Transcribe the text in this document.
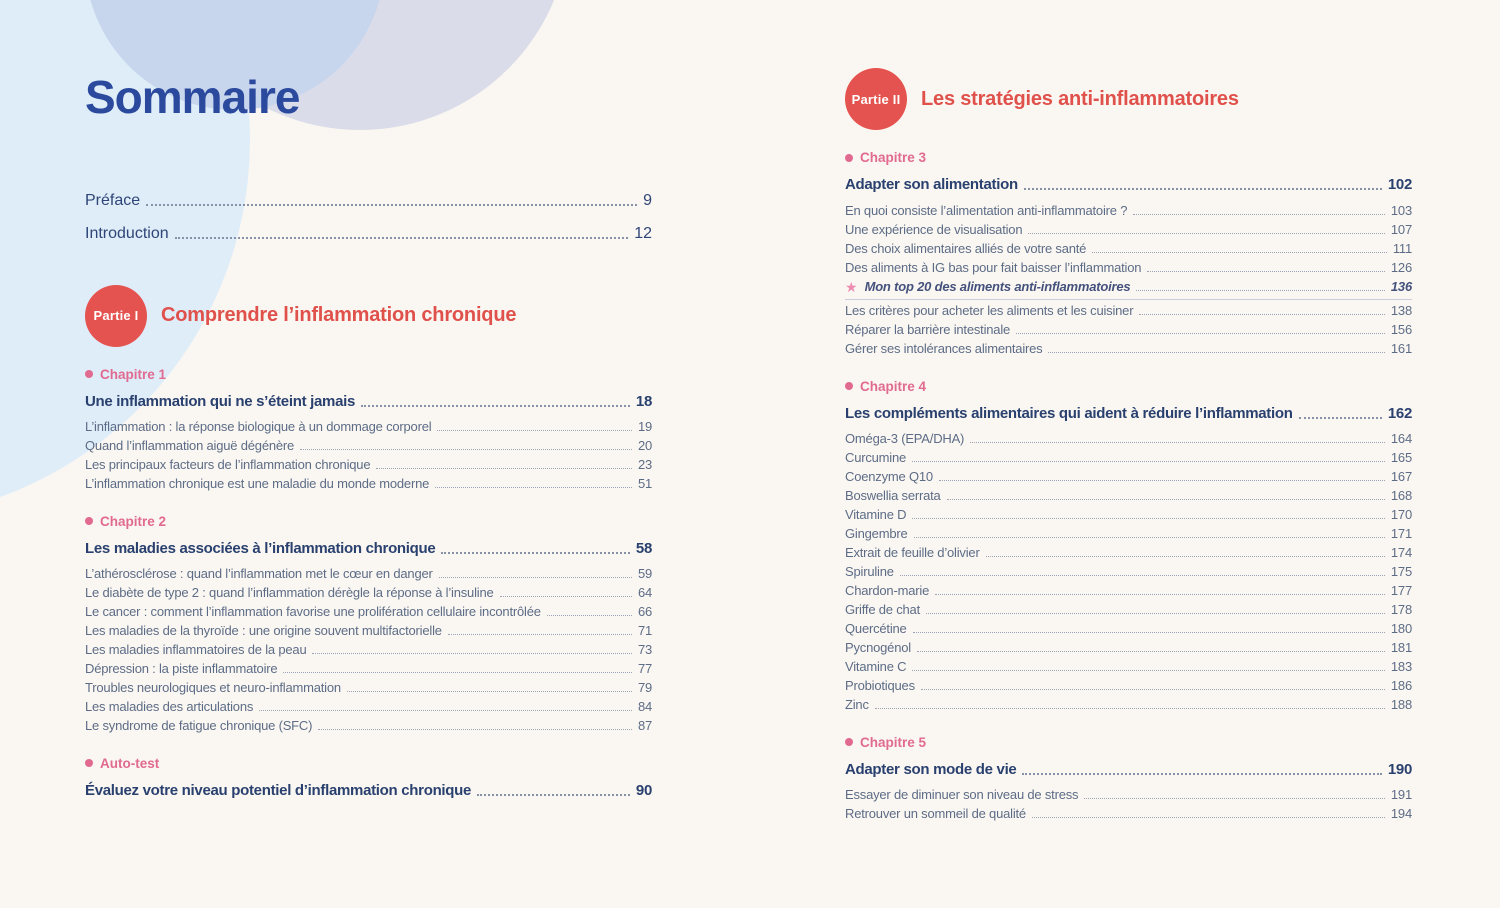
Sommaire
Préface	9
Introduction	12
Partie I	Comprendre l’inflammation chronique
Chapitre 1
Une inflammation qui ne s’éteint jamais	18
L’inflammation : la réponse biologique à un dommage corporel	19
Quand l’inflammation aiguë dégénère	20
Les principaux facteurs de l’inflammation chronique	23
L’inflammation chronique est une maladie du monde moderne	51
Chapitre 2
Les maladies associées à l’inflammation chronique	58
L’athérosclérose : quand l’inflammation met le cœur en danger	59
Le diabète de type 2 : quand l’inflammation dérègle la réponse à l’insuline	64
Le cancer : comment l’inflammation favorise une prolifération cellulaire incontrôlée	66
Les maladies de la thyroïde : une origine souvent multifactorielle	71
Les maladies inflammatoires de la peau	73
Dépression : la piste inflammatoire	77
Troubles neurologiques et neuro-inflammation	79
Les maladies des articulations	84
Le syndrome de fatigue chronique (SFC)	87
Auto-test
Évaluez votre niveau potentiel d’inflammation chronique	90
Partie II	Les stratégies anti-inflammatoires
Chapitre 3
Adapter son alimentation	102
En quoi consiste l’alimentation anti-inflammatoire ?	103
Une expérience de visualisation	107
Des choix alimentaires alliés de votre santé	111
Des aliments à IG bas pour fait baisser l’inflammation	126
★ Mon top 20 des aliments anti-inflammatoires	136
Les critères pour acheter les aliments et les cuisiner	138
Réparer la barrière intestinale	156
Gérer ses intolérances alimentaires	161
Chapitre 4
Les compléments alimentaires qui aident à réduire l’inflammation	162
Oméga-3 (EPA/DHA)	164
Curcumine	165
Coenzyme Q10	167
Boswellia serrata	168
Vitamine D	170
Gingembre	171
Extrait de feuille d’olivier	174
Spiruline	175
Chardon-marie	177
Griffe de chat	178
Quercétine	180
Pycnogénol	181
Vitamine C	183
Probiotiques	186
Zinc	188
Chapitre 5
Adapter son mode de vie	190
Essayer de diminuer son niveau de stress	191
Retrouver un sommeil de qualité	194
